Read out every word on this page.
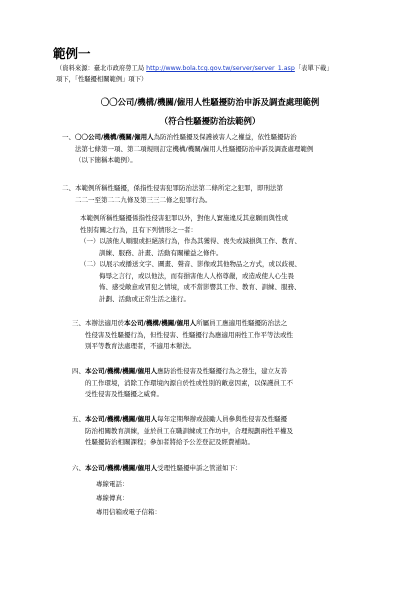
範例一
（資料來源：臺北市政府勞工局 http://www.bola.tcg.gov.tw/server/server_1.asp「表單下載」
項下，「性騷擾相關範例」項下）
〇〇公司/機構/機關/僱用人性騷擾防治申訴及調查處理範例
（符合性騷擾防治法範例）
一、〇〇公司/機構/機關/僱用人為防治性騷擾及保護被害人之權益，依性騷擾防治
法第七條第一項、第二項規則訂定機構/機關/僱用人性騷擾防治申訴及調查處理範例
（以下簡稱本範例）。
二、本範例所稱性騷擾，係指性侵害犯罪防治法第二條所定之犯罪，即刑法第
二二一至第二二九條及第三三二條之犯罪行為。
本範例所稱性騷擾係指性侵害犯罪以外，對他人實施違反其意願而與性或
性別有關之行為，且有下列情形之一者：
（一）以該他人順服或拒絕該行為，作為其獲得、喪失或減損與工作、教育、
訓練、服務、計畫、活動有關權益之條件。
（二）以展示或播送文字、圖畫、聲音、影像或其他物品之方式，或以歧視、
侮辱之言行，或以他法，而有損害他人人格尊嚴，或造成使人心生畏
怖、感受敵意或冒犯之情境，或不當影響其工作、教育、訓練、服務、
計劃、活動或正常生活之進行。
三、本辦法適用於本公司/機構/機關/僱用人所屬員工應適用性騷擾防治法之
性侵害及性騷擾行為，但性侵害、性騷擾行為應適用兩性工作平等法或性
別平等教育法處理者，不適用本辦法。
四、本公司/機構/機關/僱用人應防治性侵害及性騷擾行為之發生，建立友善
的工作環境，消除工作環境內源自於性或性別的敵意因素，以保護員工不
受性侵害及性騷擾之威脅。
五、本公司/機構/機關/僱用人每年定期舉辦或鼓勵人員參與性侵害及性騷擾
防治相關教育訓練，並於員工在職訓練或工作坊中，合理規劃兩性平權及
性騷擾防治相關課程；參加者將給予公差登記及經費補助。
六、本公司/機構/機關/僱用人受理性騷擾申訴之管道如下：
專線電話：
專線傳真：
專用信箱或電子信箱：
